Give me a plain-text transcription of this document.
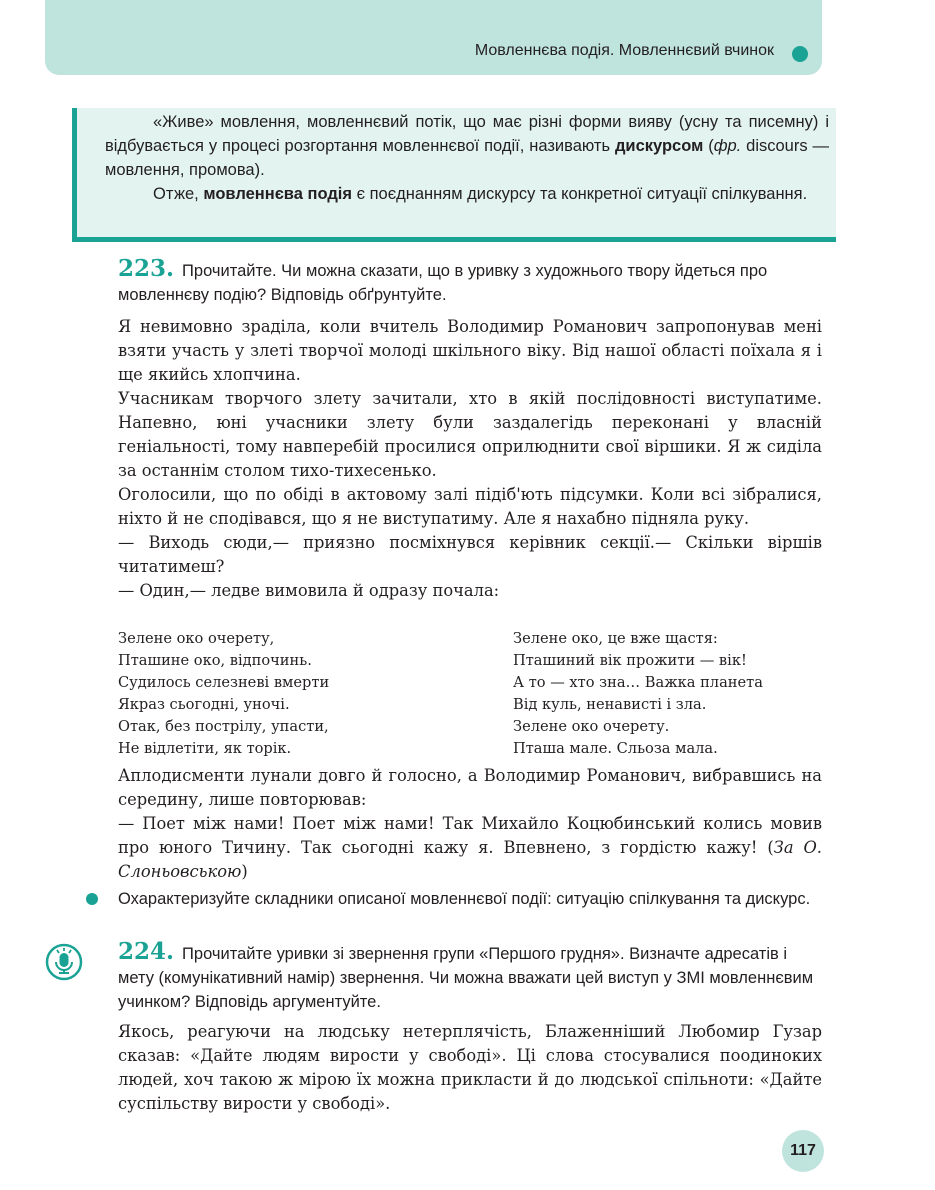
Мовленнєва подія. Мовленнєвий вчинок

«Живе» мовлення, мовленнєвий потік, що має різні форми вияву (усну та писемну) і відбувається у процесі розгортання мовленнєвої події, називають дискурсом (фр. discours — мовлення, промова).

Отже, мовленнєва подія є поєднанням дискурсу та конкретної ситуації спілкування.

223. Прочитайте. Чи можна сказати, що в уривку з художнього твору йдеться про мовленнєву подію? Відповідь обґрунтуйте.

Я невимовно зраділа, коли вчитель Володимир Романович запропонував мені взяти участь у злеті творчої молоді шкільного віку. Від нашої області поїхала я і ще якийсь хлопчина.

Учасникам творчого злету зачитали, хто в якій послідовності виступатиме. Напевно, юні учасники злету були заздалегідь переконані у власній геніальності, тому навперебій просилися оприлюднити свої віршики. Я ж сиділа за останнім столом тихо-тихесенько.

Оголосили, що по обіді в актовому залі підіб'ють підсумки. Коли всі зібралися, ніхто й не сподівався, що я не виступатиму. Але я нахабно підняла руку.

— Виходь сюди,— приязно посміхнувся керівник секції.— Скільки віршів читатимеш?

— Один,— ледве вимовила й одразу почала:

Зелене око очерету,
Пташине око, відпочинь.
Судилось селезневі вмерти
Якраз сьогодні, уночі.
Отак, без пострілу, упасти,
Не відлетіти, як торік.
Зелене око, це вже щастя:
Пташиний вік прожити — вік!
А то — хто зна… Важка планета
Від куль, ненависті і зла.
Зелене око очерету.
Пташа мале. Сльоза мала.

Аплодисменти лунали довго й голосно, а Володимир Романович, вибравшись на середину, лише повторював:

— Поет між нами! Поет між нами! Так Михайло Коцюбинський колись мовив про юного Тичину. Так сьогодні кажу я. Впевнено, з гордістю кажу! (За О. Слоньовською)

Охарактеризуйте складники описаної мовленнєвої події: ситуацію спілкування та дискурс.
224. Прочитайте уривки зі звернення групи «Першого грудня». Визначте адресатів і мету (комунікативний намір) звернення. Чи можна вважати цей виступ у ЗМІ мовленнєвим учинком? Відповідь аргументуйте.

Якось, реагуючи на людську нетерплячість, Блаженніший Любомир Гузар сказав: «Дайте людям вирости у свободі». Ці слова стосувалися поодиноких людей, хоч такою ж мірою їх можна прикласти й до людської спільноти: «Дайте суспільству вирости у свободі».

117
